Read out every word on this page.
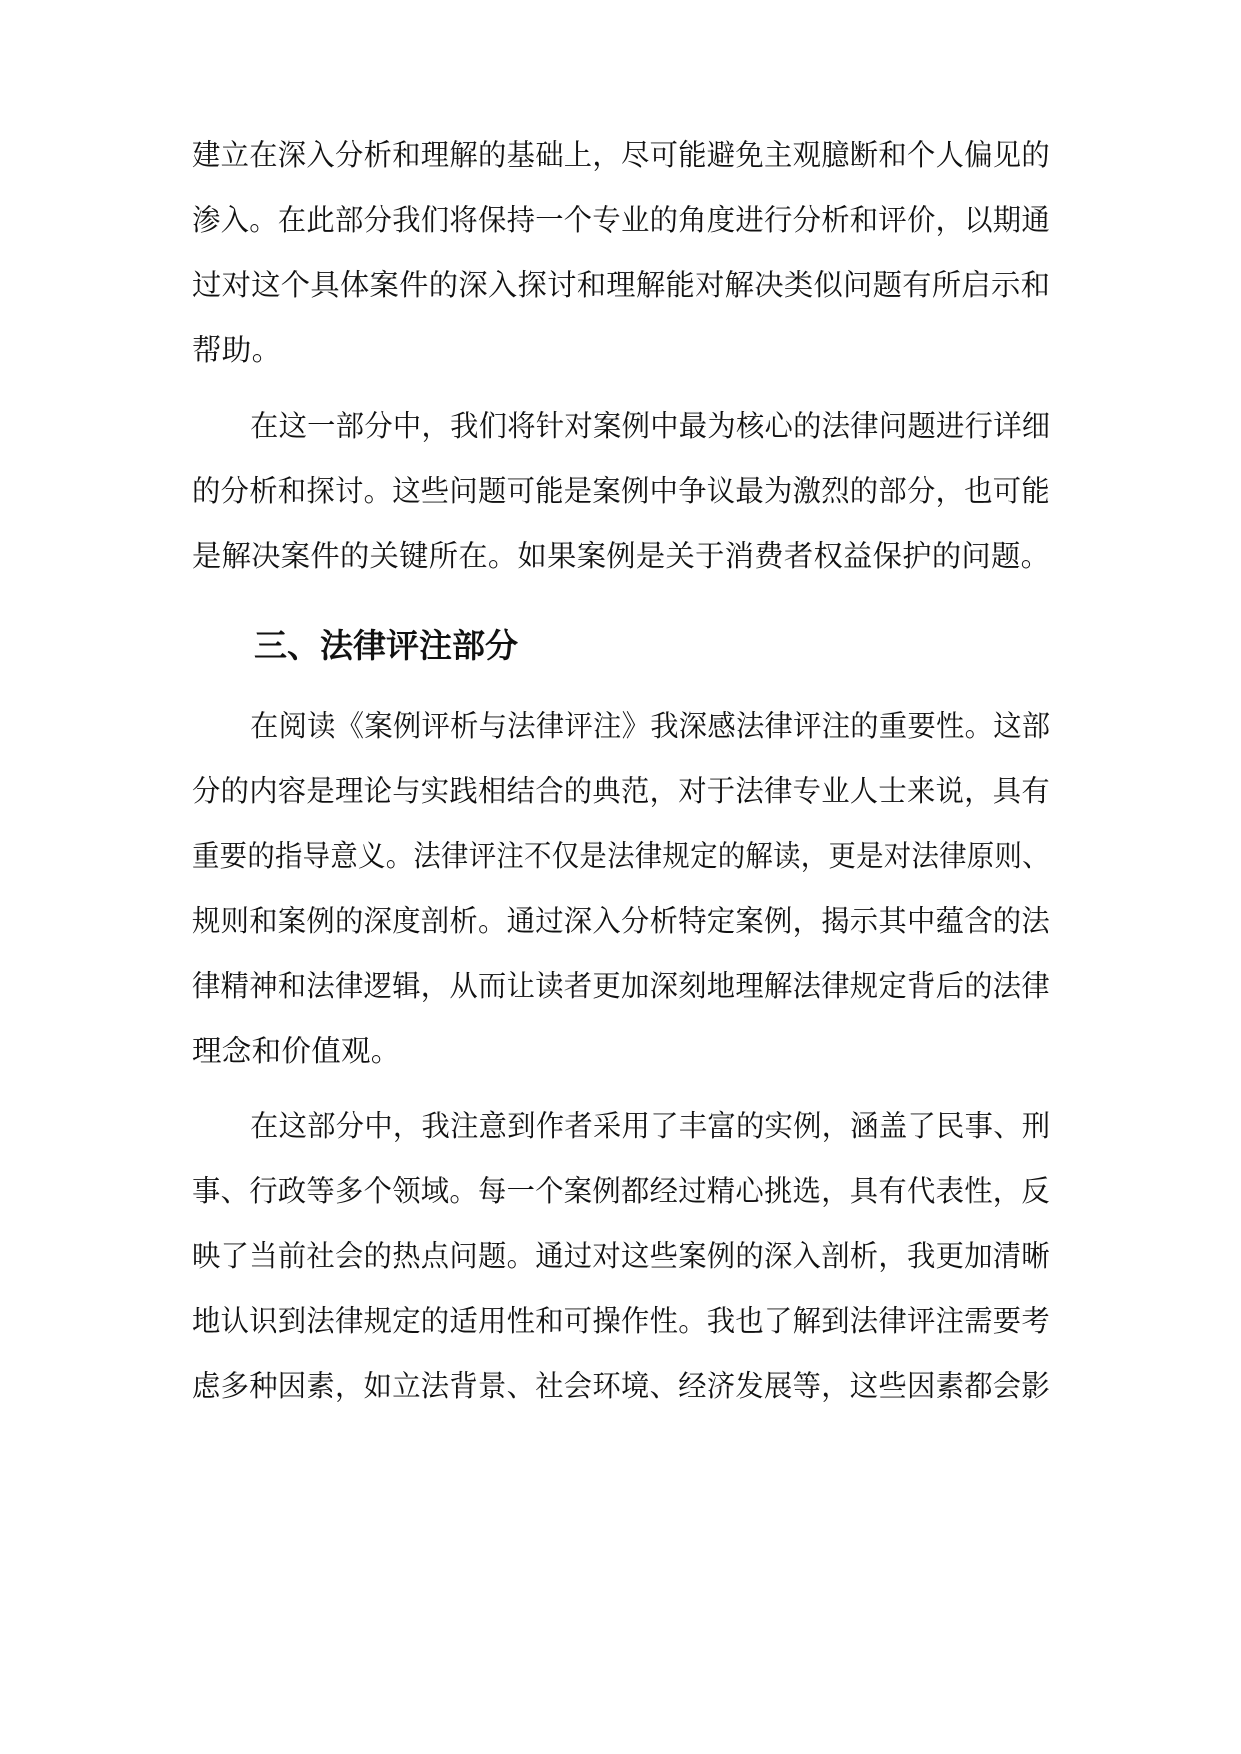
建立在深入分析和理解的基础上，尽可能避免主观臆断和个人偏见的
渗入。在此部分我们将保持一个专业的角度进行分析和评价，以期通
过对这个具体案件的深入探讨和理解能对解决类似问题有所启示和
帮助。
在这一部分中，我们将针对案例中最为核心的法律问题进行详细
的分析和探讨。这些问题可能是案例中争议最为激烈的部分，也可能
是解决案件的关键所在。如果案例是关于消费者权益保护的问题。
三、法律评注部分
在阅读《案例评析与法律评注》我深感法律评注的重要性。这部
分的内容是理论与实践相结合的典范，对于法律专业人士来说，具有
重要的指导意义。法律评注不仅是法律规定的解读，更是对法律原则、
规则和案例的深度剖析。通过深入分析特定案例，揭示其中蕴含的法
律精神和法律逻辑，从而让读者更加深刻地理解法律规定背后的法律
理念和价值观。
在这部分中，我注意到作者采用了丰富的实例，涵盖了民事、刑
事、行政等多个领域。每一个案例都经过精心挑选，具有代表性，反
映了当前社会的热点问题。通过对这些案例的深入剖析，我更加清晰
地认识到法律规定的适用性和可操作性。我也了解到法律评注需要考
虑多种因素，如立法背景、社会环境、经济发展等，这些因素都会影
